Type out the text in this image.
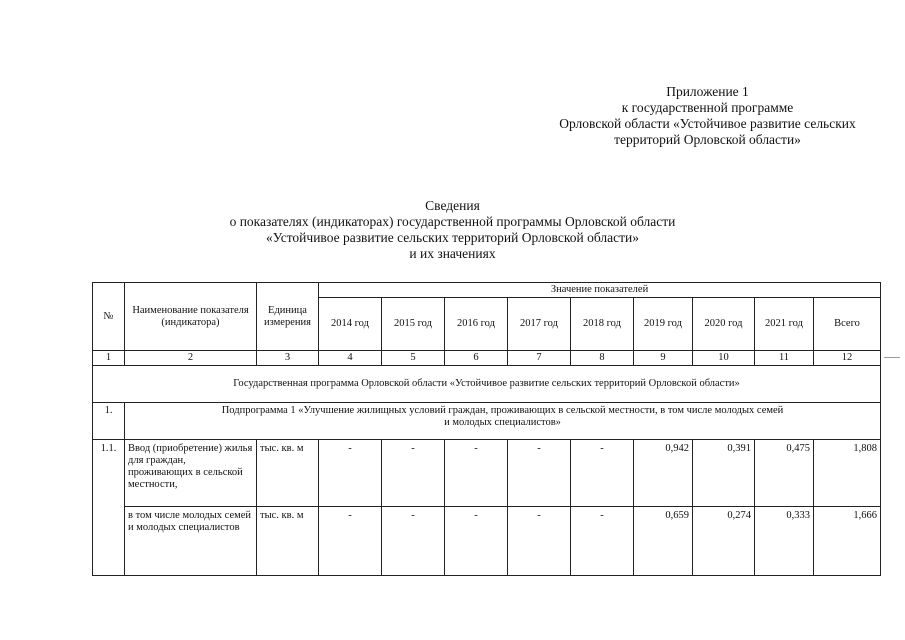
Приложение 1
к государственной программе
Орловской области «Устойчивое развитие сельских
территорий Орловской области»
Сведения
о показателях (индикаторах) государственной программы Орловской области
«Устойчивое развитие сельских территорий Орловской области»
и их значениях
№	Наименование показателя (индикатора)	Единица измерения	Значение показателей								
			2014 год	2015 год	2016 год	2017 год	2018 год	2019 год	2020 год	2021 год	Всего
1	2	3	4	5	6	7	8	9	10	11	12
Государственная программа Орловской области «Устойчивое развитие сельских территорий Орловской области»											
1.	Подпрограмма 1 «Улучшение жилищных условий граждан, проживающих в сельской местности, в том числе молодых семей
и молодых специалистов»										

1.1.	Ввод (приобретение) жилья для граждан, проживающих в сельской местности,	тыс. кв. м	-	-	-	-	-	0,942	0,391	0,475	1,808
	в том числе молодых семей и молодых специалистов	тыс. кв. м	-	-	-	-	-	0,659	0,274	0,333	1,666
